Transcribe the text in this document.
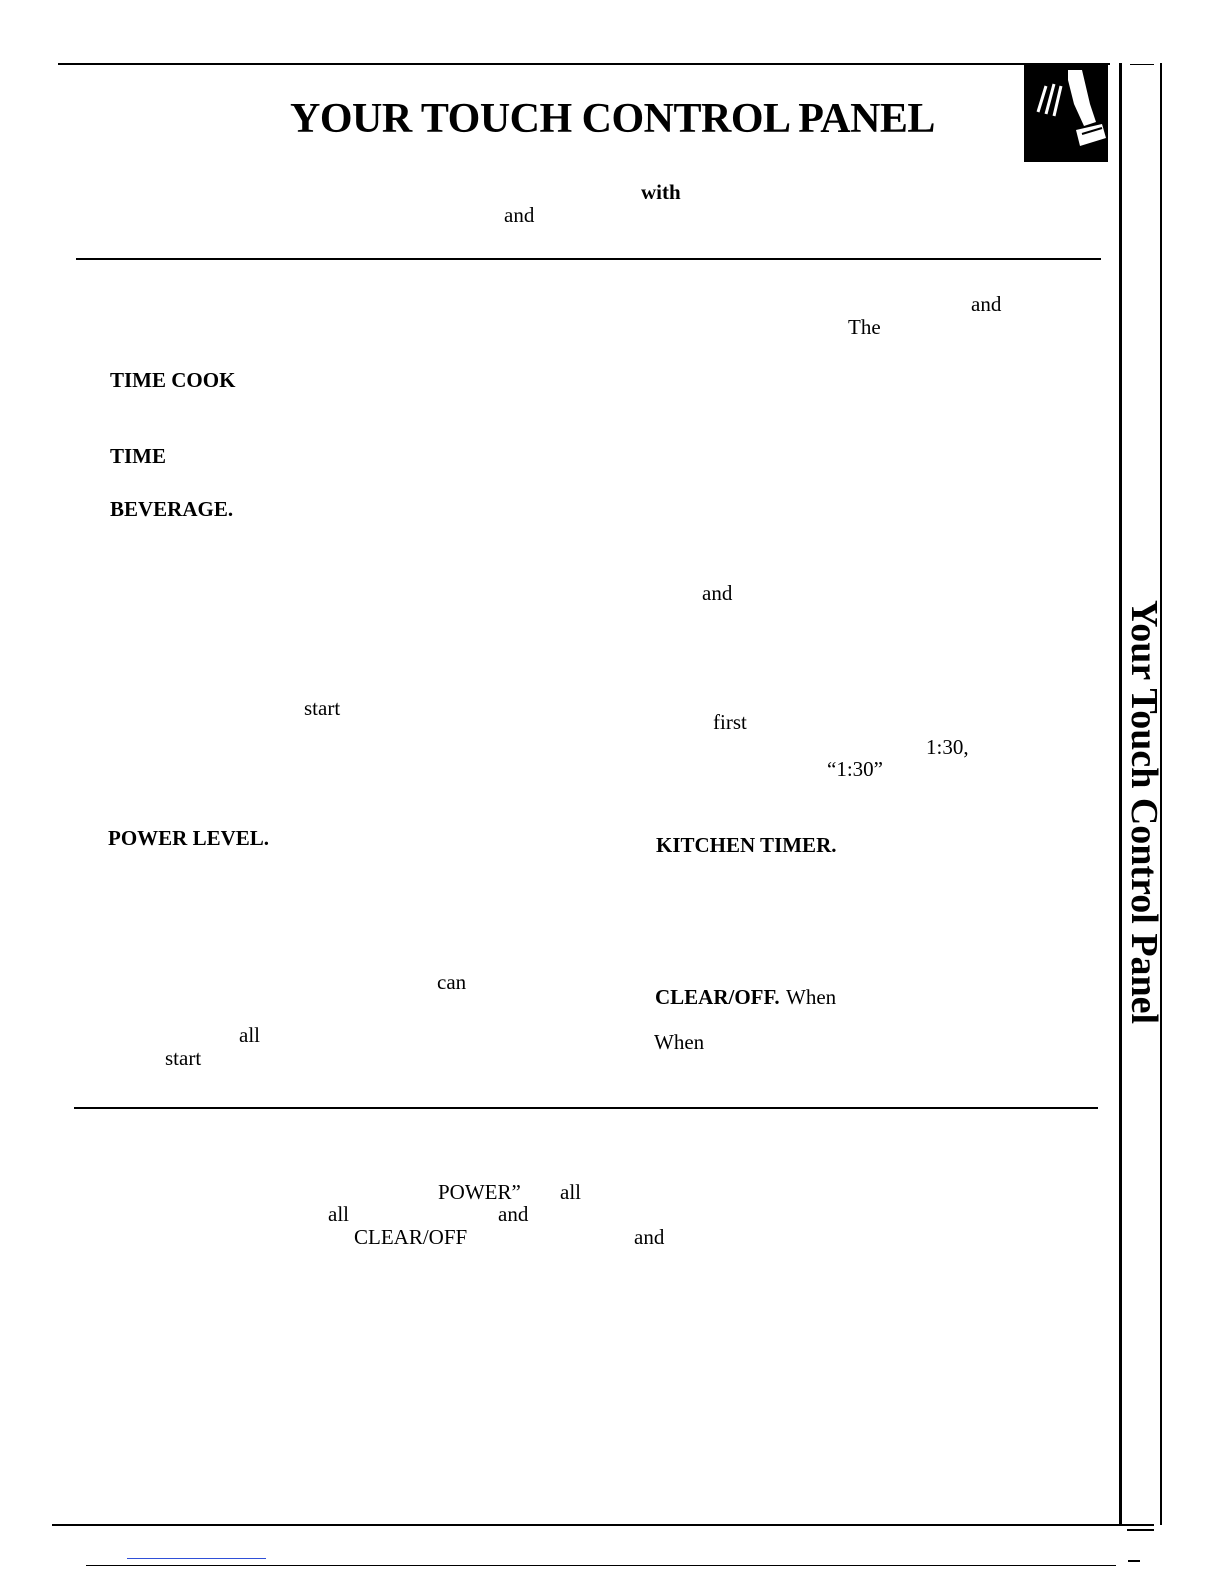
YOUR TOUCH CONTROL PANEL
with
and
TIME COOK
TIME
BEVERAGE.
start
POWER LEVEL.
can
all
start
and
The
and
first
1:30,
“1:30”
KITCHEN TIMER.
CLEAR/OFF. When
When
POWER” all
all	and
CLEAR/OFF	and
Your Touch Control Panel
